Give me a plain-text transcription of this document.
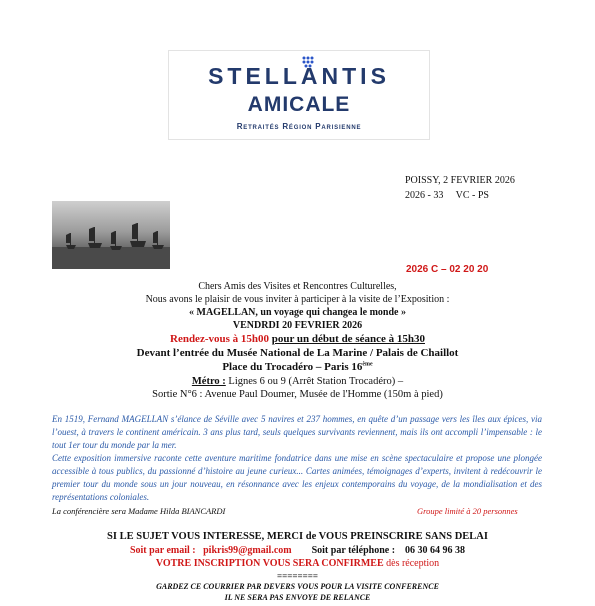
STELLANTIS
AMICALE
Retraités Région Parisienne
POISSY, 2 FEVRIER 2026
2026 - 33     VC - PS
2026 C – 02 20 20
Chers Amis des Visites et Rencontres Culturelles,
Nous avons le plaisir de vous inviter à participer à la visite de l’Exposition :
« MAGELLAN, un voyage qui changea le monde »
VENDRDI 20 FEVRIER 2026
Rendez-vous à 15h00 pour un début de séance à 15h30
Devant l’entrée du Musée National de La Marine / Palais de Chaillot
Place du Trocadéro – Paris 16ème
Métro : Lignes 6 ou 9 (Arrêt Station Trocadéro) –
Sortie N°6 : Avenue Paul Doumer, Musée de l'Homme (150m à pied)
En 1519, Fernand MAGELLAN s’élance de Séville avec 5 navires et 237 hommes, en quête d’un passage vers les îles aux épices, via l’ouest, à travers le continent américain. 3 ans plus tard, seuls quelques survivants reviennent, mais ils ont accompli l’impensable : le tout 1er tour du monde par la mer.
Cette exposition immersive raconte cette aventure maritime fondatrice dans une mise en scène spectaculaire et propose une plongée accessible à tous publics, du passionné d’histoire au jeune curieux... Cartes animées, témoignages d’experts, invitent à redécouvrir le premier tour du monde sous un jour nouveau, en résonnance avec les enjeux contemporains du voyage, de la mondialisation et des représentations coloniales.
La conférencière sera Madame Hilda BIANCARDI	Groupe limité à 20 personnes
SI LE SUJET VOUS INTERESSE, MERCI de VOUS PREINSCRIRE SANS DELAI
Soit par email : pikris99@gmail.com Soit par téléphone : 06 30 64 96 38
VOTRE INSCRIPTION VOUS SERA CONFIRMEE dès réception
========
GARDEZ CE COURRIER PAR DEVERS VOUS POUR LA VISITE CONFERENCE
IL NE SERA PAS ENVOYE DE RELANCE
